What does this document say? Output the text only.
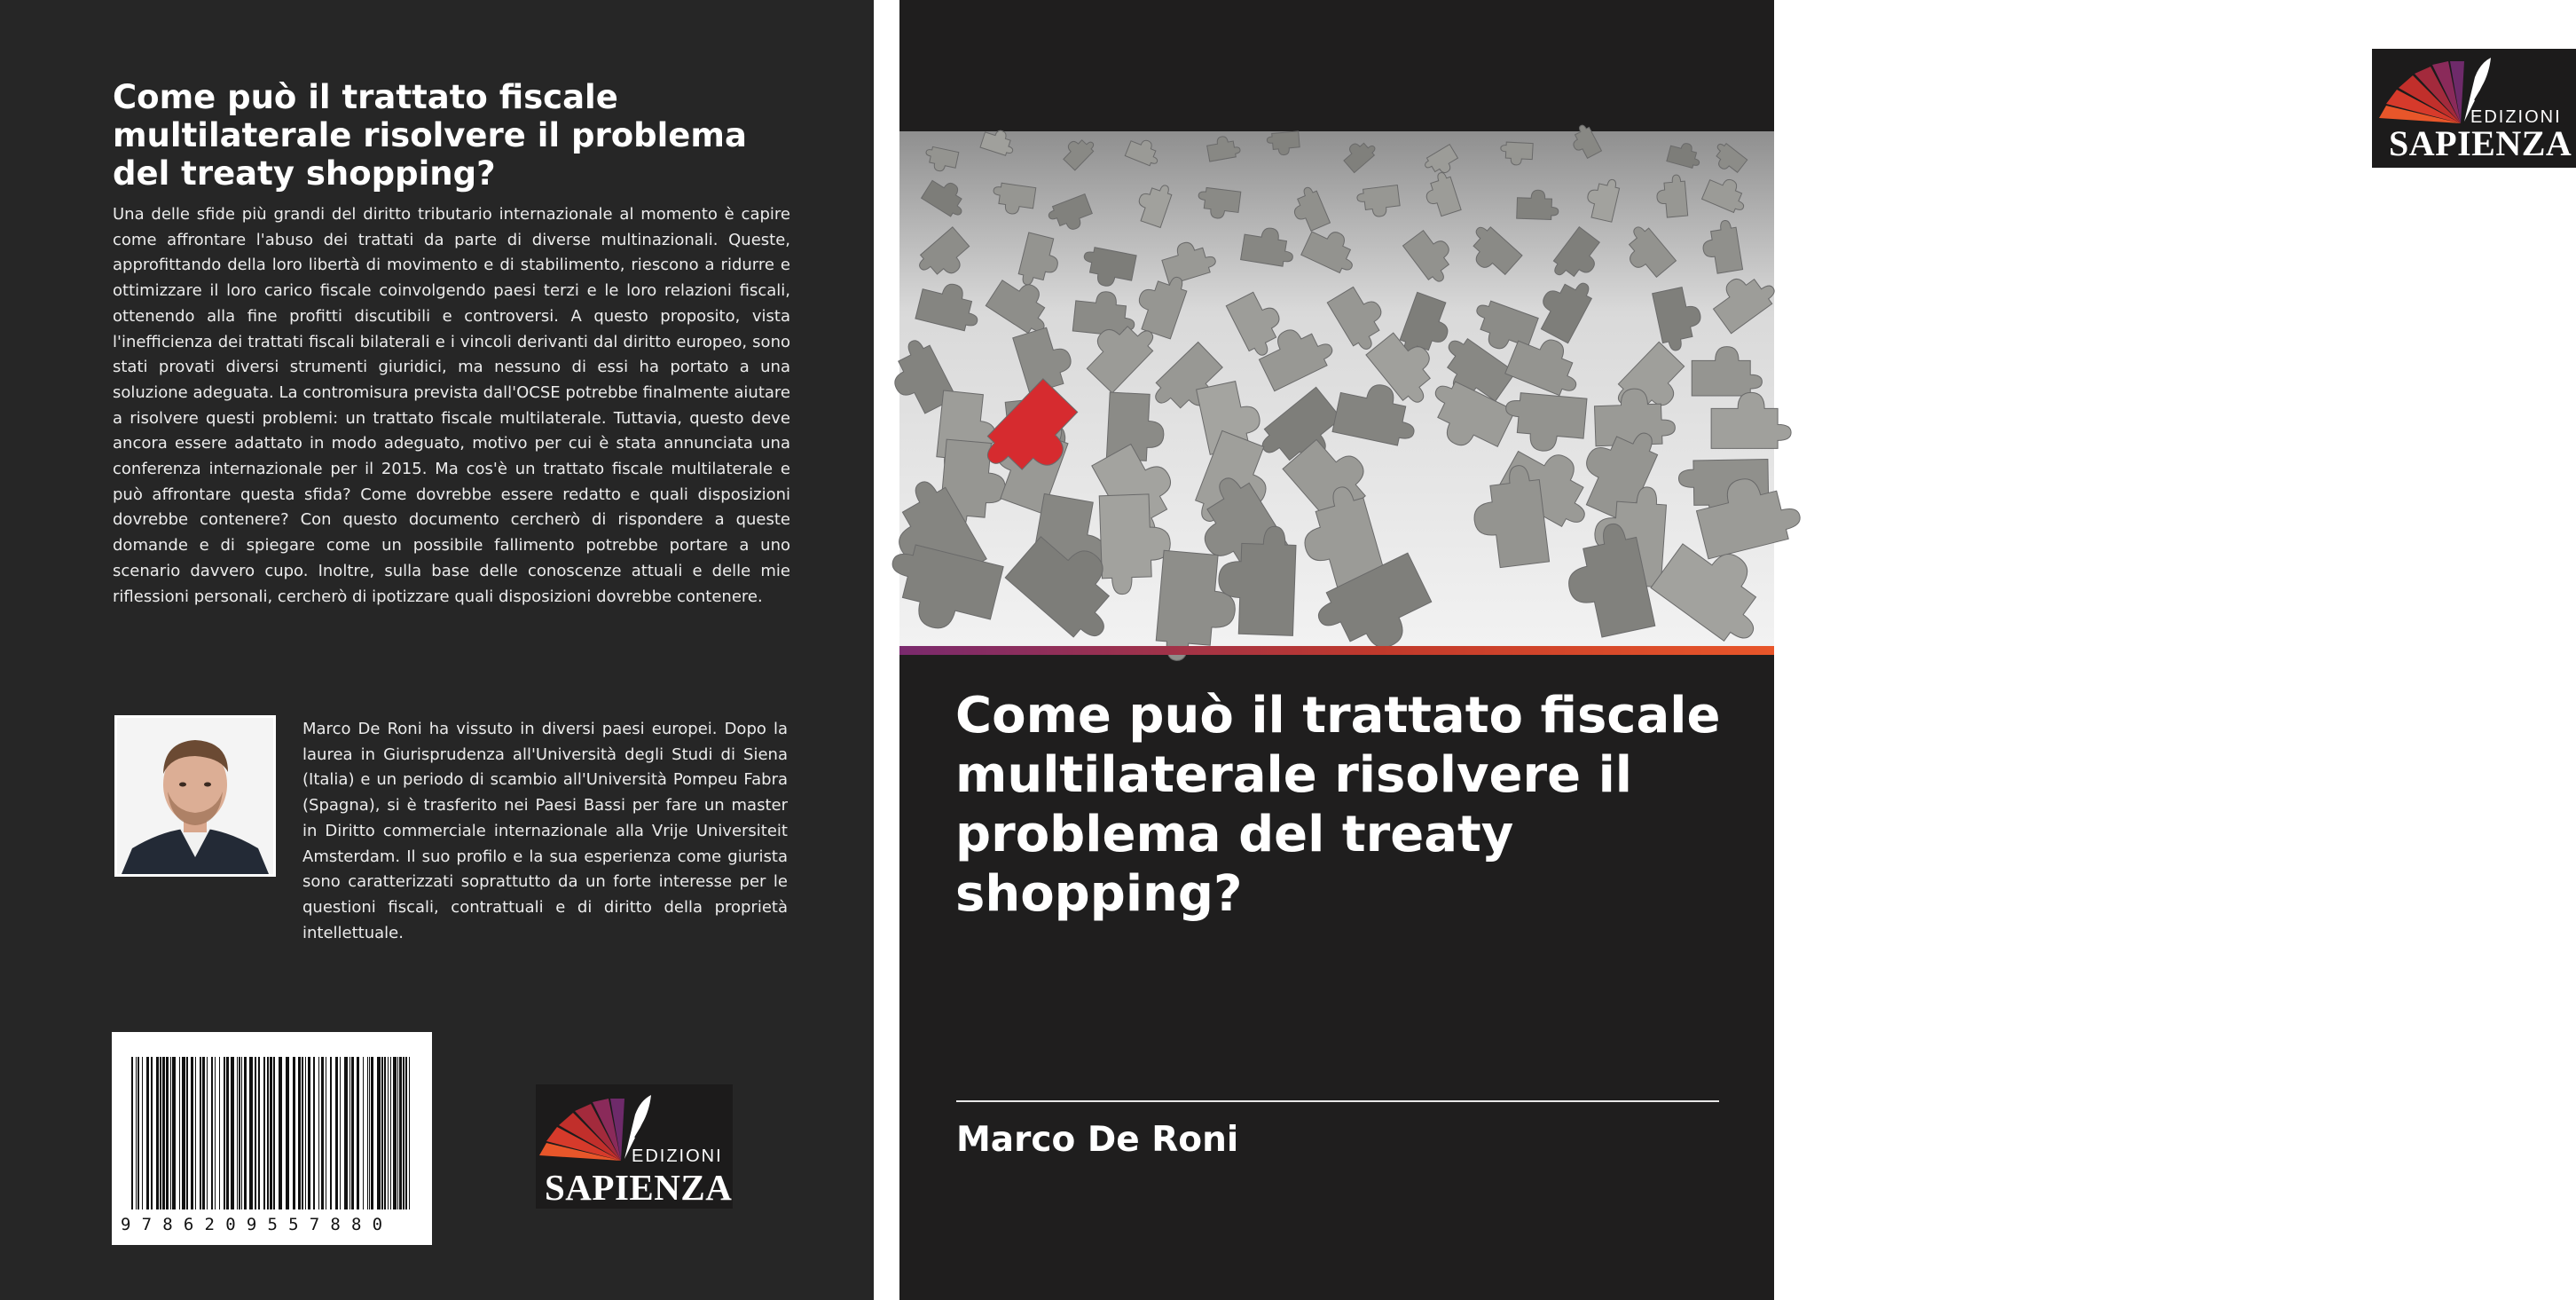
Come può il trattato fiscale multilaterale risolvere il problema del treaty shopping?
Una delle sfide più grandi del diritto tributario internazionale al momento è capire come affrontare l'abuso dei trattati da parte di diverse multinazionali. Queste, approfittando della loro libertà di movimento e di stabilimento, riescono a ridurre e ottimizzare il loro carico fiscale coinvolgendo paesi terzi e le loro relazioni fiscali, ottenendo alla fine profitti discutibili e controversi. A questo proposito, vista l'inefficienza dei trattati fiscali bilaterali e i vincoli derivanti dal diritto europeo, sono stati provati diversi strumenti giuridici, ma nessuno di essi ha portato a una soluzione adeguata. La contromisura prevista dall'OCSE potrebbe finalmente aiutare a risolvere questi problemi: un trattato fiscale multilaterale. Tuttavia, questo deve ancora essere adattato in modo adeguato, motivo per cui è stata annunciata una conferenza internazionale per il 2015. Ma cos'è un trattato fiscale multilaterale e può affrontare questa sfida? Come dovrebbe essere redatto e quali disposizioni dovrebbe contenere? Con questo documento cercherò di rispondere a queste domande e di spiegare come un possibile fallimento potrebbe portare a uno scenario davvero cupo. Inoltre, sulla base delle conoscenze attuali e delle mie riflessioni personali, cercherò di ipotizzare quali disposizioni dovrebbe contenere.
Marco De Roni ha vissuto in diversi paesi europei. Dopo la laurea in Giurisprudenza all'Università degli Studi di Siena (Italia) e un periodo di scambio all'Università Pompeu Fabra (Spagna), si è trasferito nei Paesi Bassi per fare un master in Diritto commerciale internazionale alla Vrije Universiteit Amsterdam. Il suo profilo e la sua esperienza come giurista sono caratterizzati soprattutto da un forte interesse per le questioni fiscali, contrattuali e di diritto della proprietà intellettuale.
9786209557880
EDIZIONI
SAPIENZA
EDIZIONI
SAPIENZA
Come può il trattato fiscale multilaterale risolvere il problema del treaty shopping?
Marco De Roni
